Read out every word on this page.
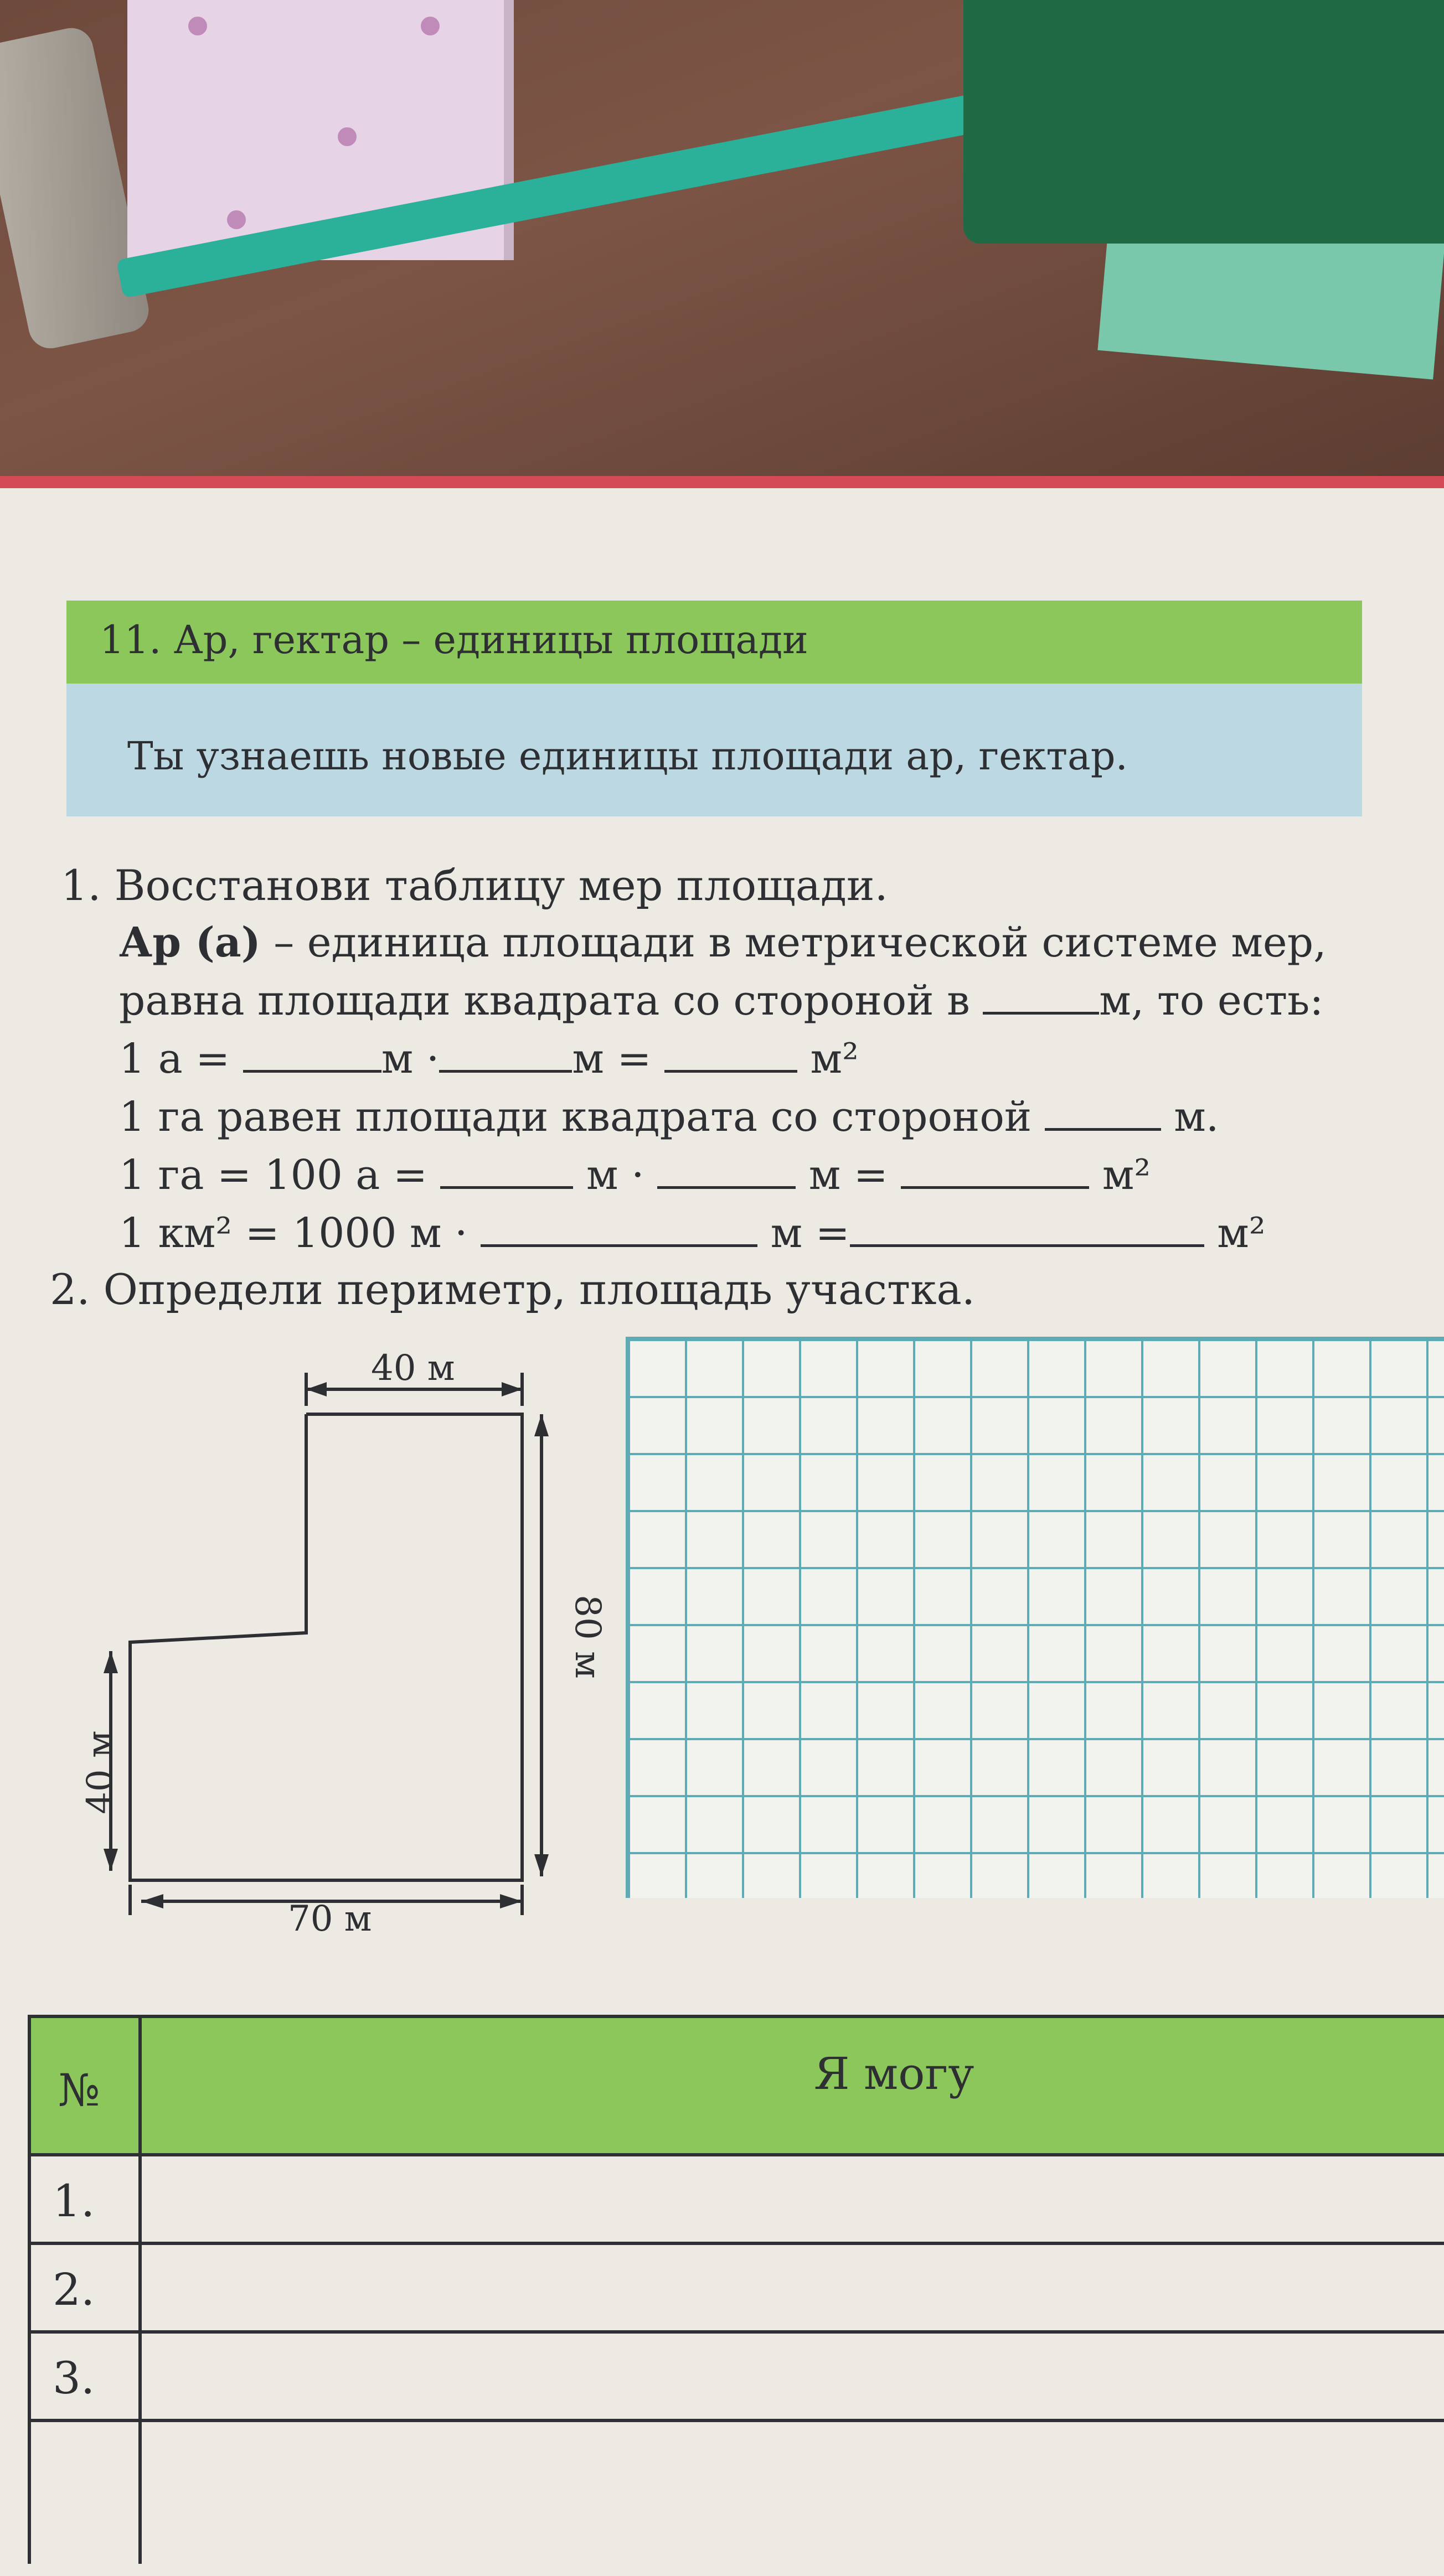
11. Ар, гектар – единицы площади
Ты узнаешь новые единицы площади ар, гектар.
1. Восстанови таблицу мер площади.
Ар (а) – единица площади в метрической системе мер,
равна площади квадрата со стороной в	м, то есть:
1 а =	м ·	м =	м²
1 га равен площади квадрата со стороной	м.
1 га = 100 а =	м ·	м =	м²
1 км² = 1000 м ·	м =	м²
2. Определи периметр, площадь участка.
40 м
80 м
40 м
70 м
№	Я могу
1.
2.
3.
